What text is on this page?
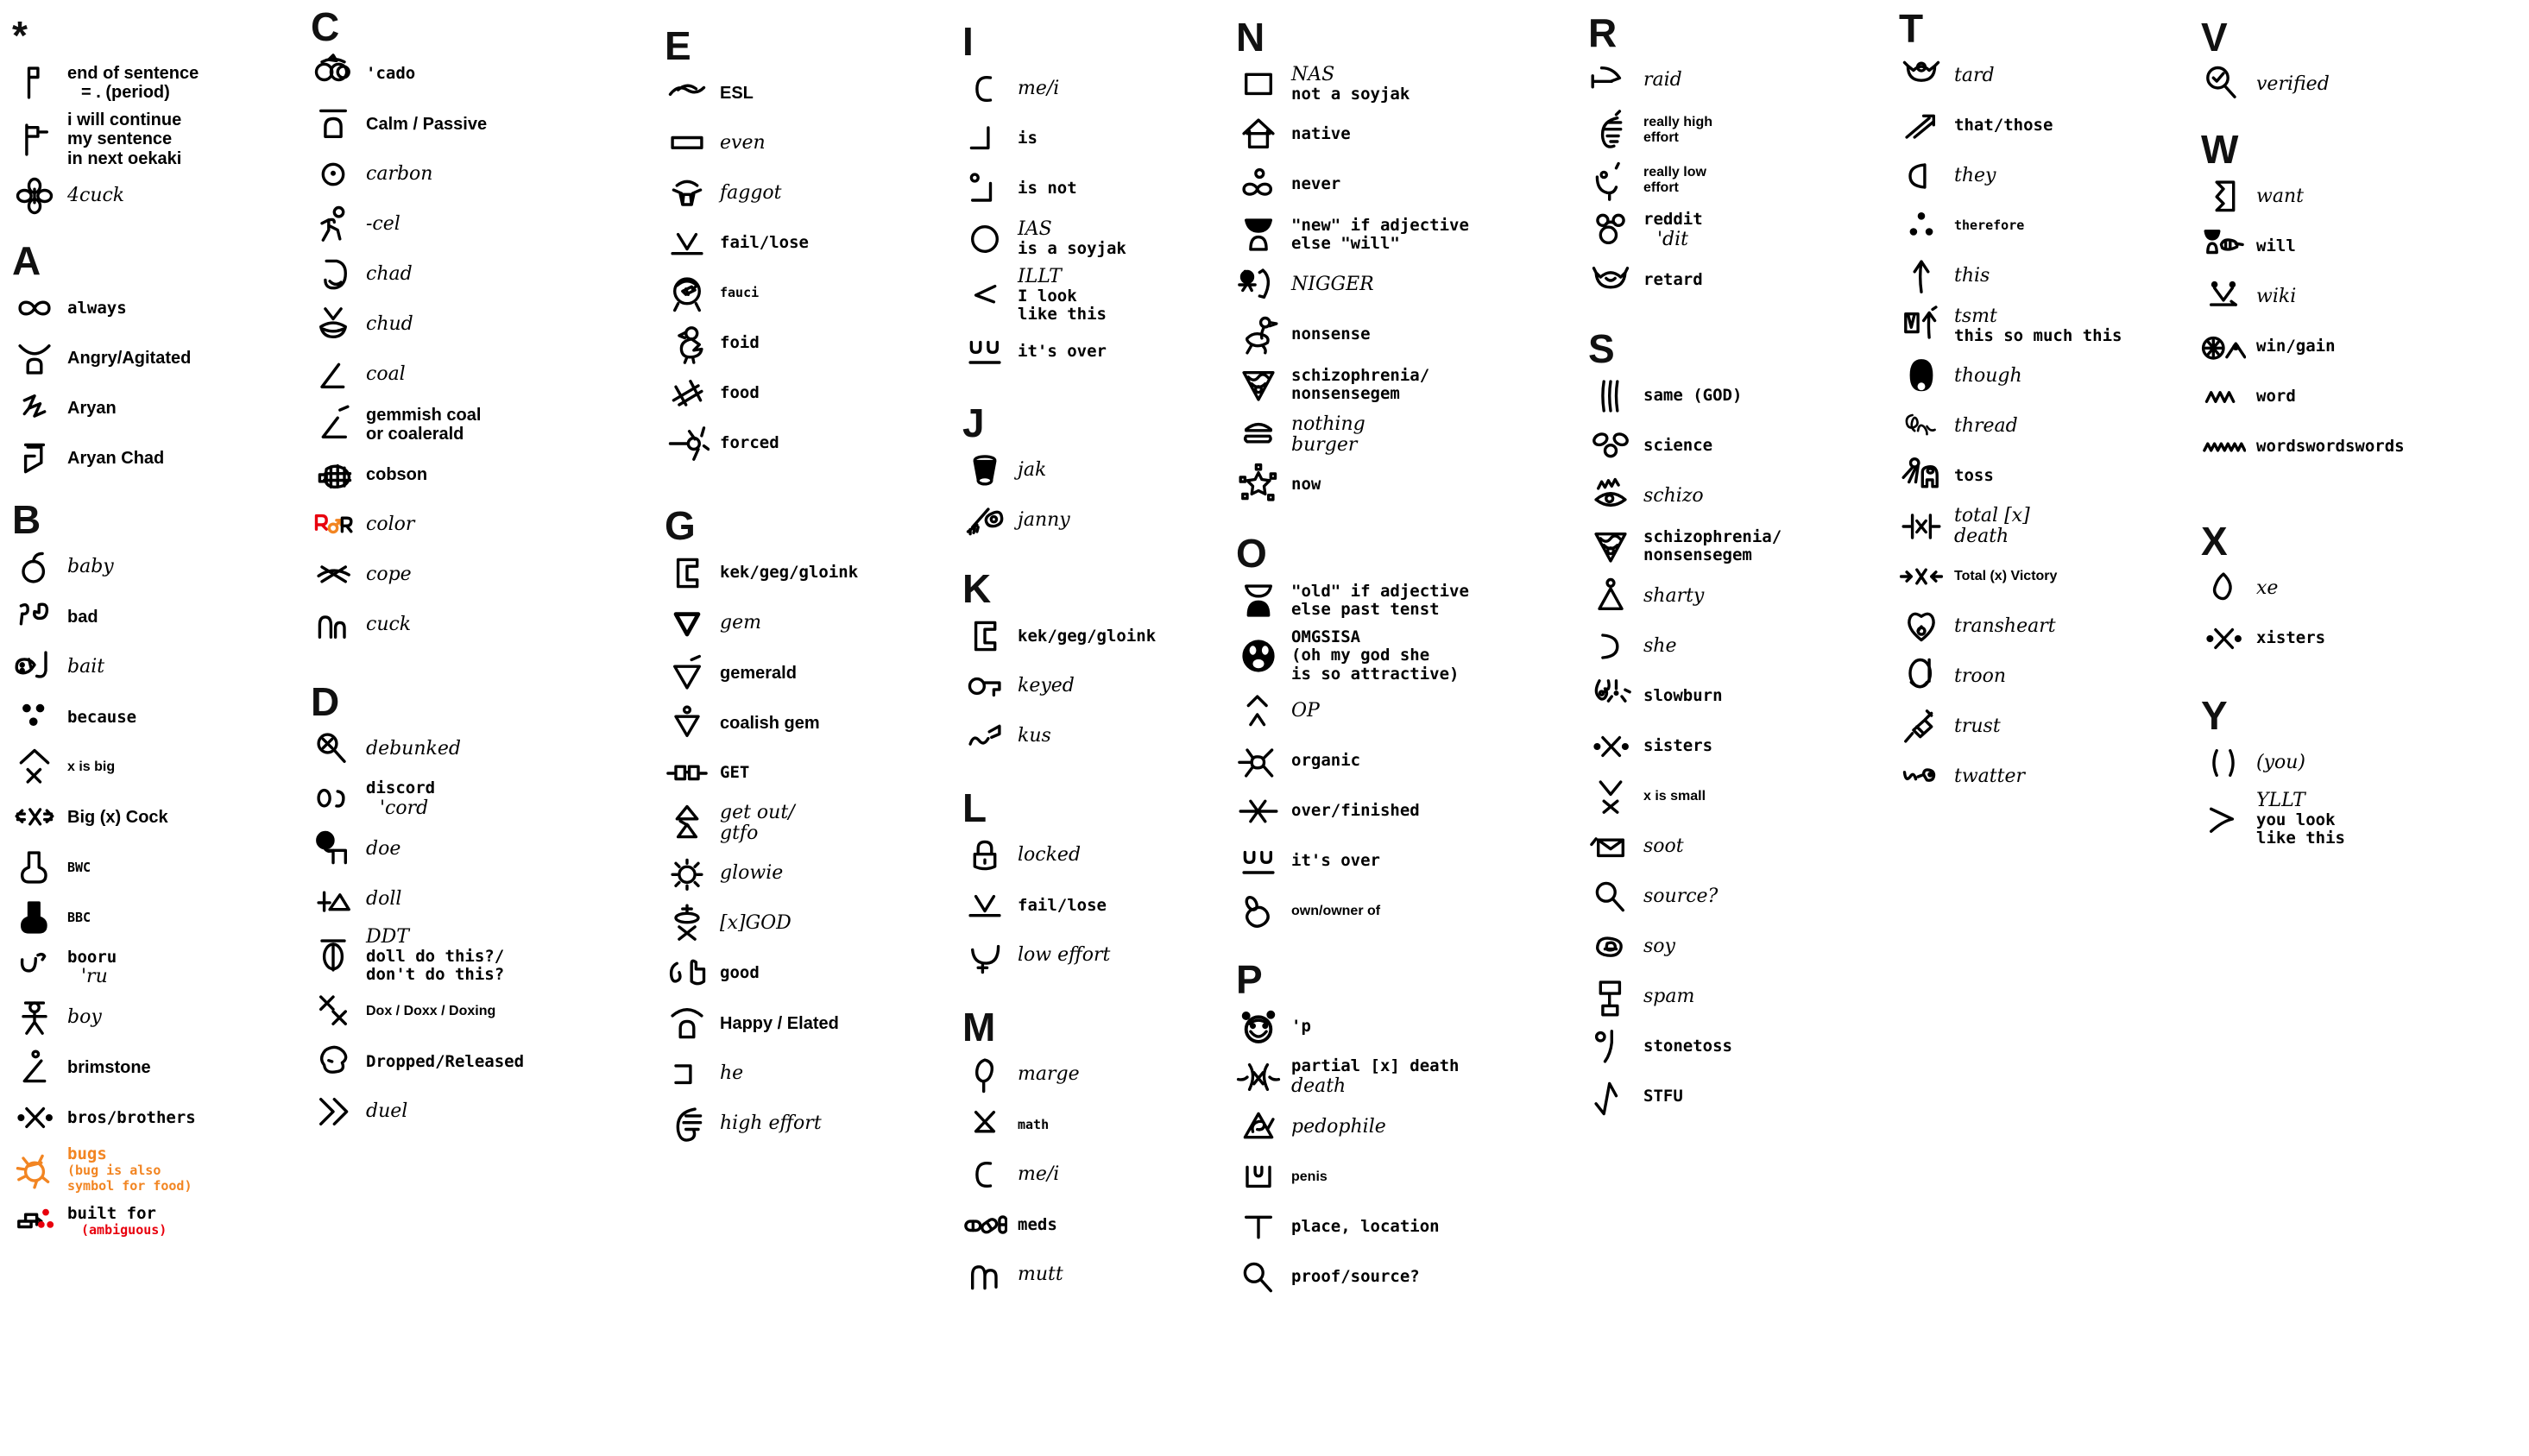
*
end of sentence
= . (period)
i will continue
my sentence
in next oekaki
4cuck
A
always
Angry/Agitated
Aryan
Aryan Chad
B
baby
bad
bait
because
x is big
Big (x) Cock
BWC
BBC
booru
'ru
boy
brimstone
bros/brothers
bugs
(bug is also
symbol for food)
built for
(ambiguous)
C
'cado
Calm / Passive
carbon
-cel
chad
chud
coal
gemmish coal
or coalerald
cobson
color
cope
cuck
D
debunked
discord
'cord
doe
doll
DDT
doll do this?/
don't do this?
Dox / Doxx / Doxing
Dropped/Released
duel
E
ESL
even
faggot
fail/lose
fauci
foid
food
forced
G
kek/geg/gloink
gem
gemerald
coalish gem
GET
get out/
gtfo
glowie
[x]GOD
good
Happy / Elated
he
high effort
I
me/i
is
is not
IAS
is a soyjak
ILLT
I look
like this
it's over
J
jak
janny
K
kek/geg/gloink
keyed
kus
L
locked
fail/lose
low effort
M
marge
math
me/i
meds
mutt
N
NAS
not a soyjak
native
never
"new" if adjective
else "will"
NIGGER
nonsense
schizophrenia/
nonsensegem
nothing
burger
now
O
"old" if adjective
else past tenst
OMGSISA
(oh my god she
is so attractive)
OP
organic
over/finished
it's over
own/owner of
P
'p
partial [x] death
death
pedophile
penis
place, location
proof/source?
R
raid
really high
effort
really low
effort
reddit
'dit
retard
S
same (GOD)
science
schizo
schizophrenia/
nonsensegem
sharty
she
slowburn
sisters
x is small
soot
source?
soy
spam
stonetoss
STFU
T
tard
that/those
they
therefore
this
tsmt
this so much this
though
thread
toss
total [x]
death
Total (x) Victory
transheart
troon
trust
twatter
V
verified
W
want
will
wiki
win/gain
word
wordswordswords
X
xe
xisters
Y
(you)
YLLT
you look
like this
